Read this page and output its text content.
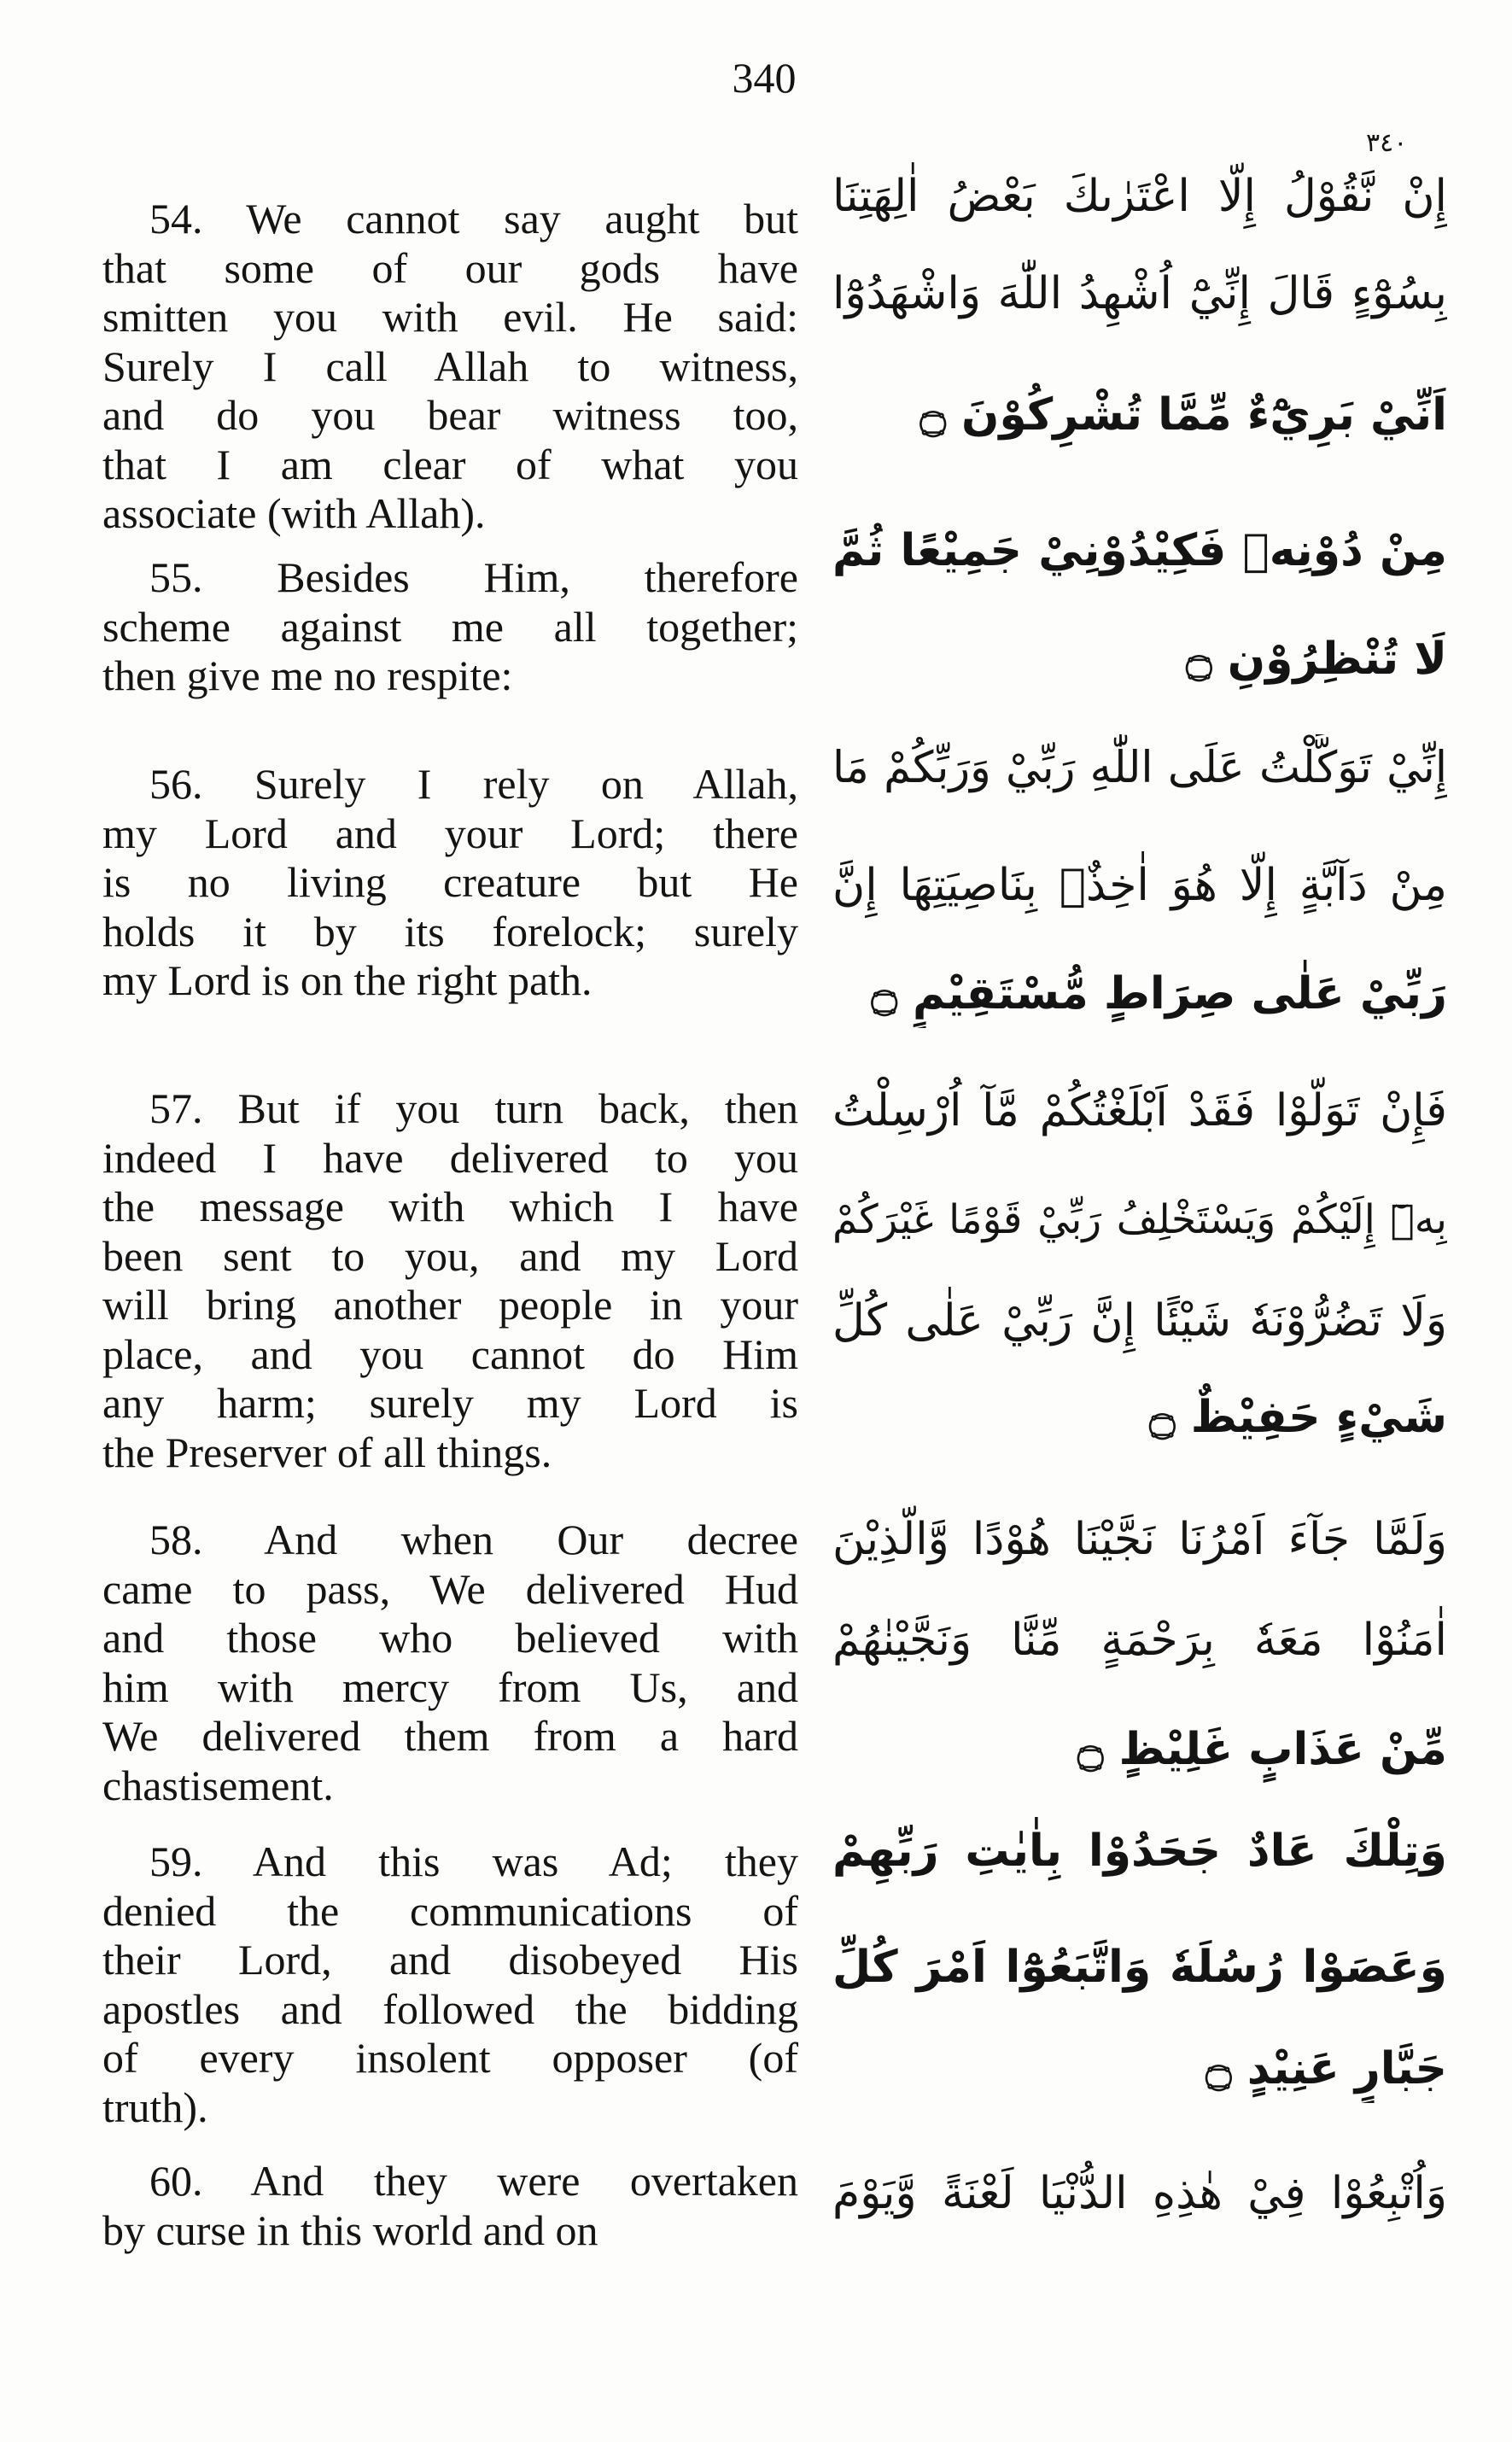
340
٣٤٠
54. We cannot say aught but
that some of our gods have
smitten you with evil. He said:
Surely I call Allah to witness,
and do you bear witness too,
that I am clear of what you
associate (with Allah).
55. Besides Him, therefore
scheme against me all together;
then give me no respite:
56. Surely I rely on Allah,
my Lord and your Lord; there
is no living creature but He
holds it by its forelock; surely
my Lord is on the right path.
57. But if you turn back, then
indeed I have delivered to you
the message with which I have
been sent to you, and my Lord
will bring another people in your
place, and you cannot do Him
any harm; surely my Lord is
the Preserver of all things.
58. And when Our decree
came to pass, We delivered Hud
and those who believed with
him with mercy from Us, and
We delivered them from a hard
chastisement.
59. And this was Ad; they
denied the communications of
their Lord, and disobeyed His
apostles and followed the bidding
of every insolent opposer (of
truth).
60. And they were overtaken
by curse in this world and on
إِنْ نَّقُوْلُ إِلَّا اعْتَرٰىكَ بَعْضُ اٰلِهَتِنَا
بِسُوْٓءٍ قَالَ إِنِّيْٓ اُشْهِدُ اللّٰهَ وَاشْهَدُوْٓا
اَنِّيْ بَرِيْٓءٌ مِّمَّا تُشْرِكُوْنَ ۝
مِنْ دُوْنِهٖ فَكِيْدُوْنِيْ جَمِيْعًا ثُمَّ
لَا تُنْظِرُوْنِ ۝
إِنِّيْ تَوَكَّلْتُ عَلَى اللّٰهِ رَبِّيْ وَرَبِّكُمْ مَا
مِنْ دَآبَّةٍ إِلَّا هُوَ اٰخِذٌۢ بِنَاصِيَتِهَا إِنَّ
رَبِّيْ عَلٰى صِرَاطٍ مُّسْتَقِيْمٍ ۝
فَإِنْ تَوَلَّوْا فَقَدْ اَبْلَغْتُكُمْ مَّآ اُرْسِلْتُ
بِهٖٓ إِلَيْكُمْ وَيَسْتَخْلِفُ رَبِّيْ قَوْمًا غَيْرَكُمْ
وَلَا تَضُرُّوْنَهٗ شَيْئًا إِنَّ رَبِّيْ عَلٰى كُلِّ
شَيْءٍ حَفِيْظٌ ۝
وَلَمَّا جَآءَ اَمْرُنَا نَجَّيْنَا هُوْدًا وَّالَّذِيْنَ
اٰمَنُوْا مَعَهٗ بِرَحْمَةٍ مِّنَّا وَنَجَّيْنٰهُمْ
مِّنْ عَذَابٍ غَلِيْظٍ ۝
وَتِلْكَ عَادٌ جَحَدُوْا بِاٰيٰتِ رَبِّهِمْ
وَعَصَوْا رُسُلَهٗ وَاتَّبَعُوْٓا اَمْرَ كُلِّ
جَبَّارٍ عَنِيْدٍ ۝
وَاُتْبِعُوْا فِيْ هٰذِهِ الدُّنْيَا لَعْنَةً وَّيَوْمَ
